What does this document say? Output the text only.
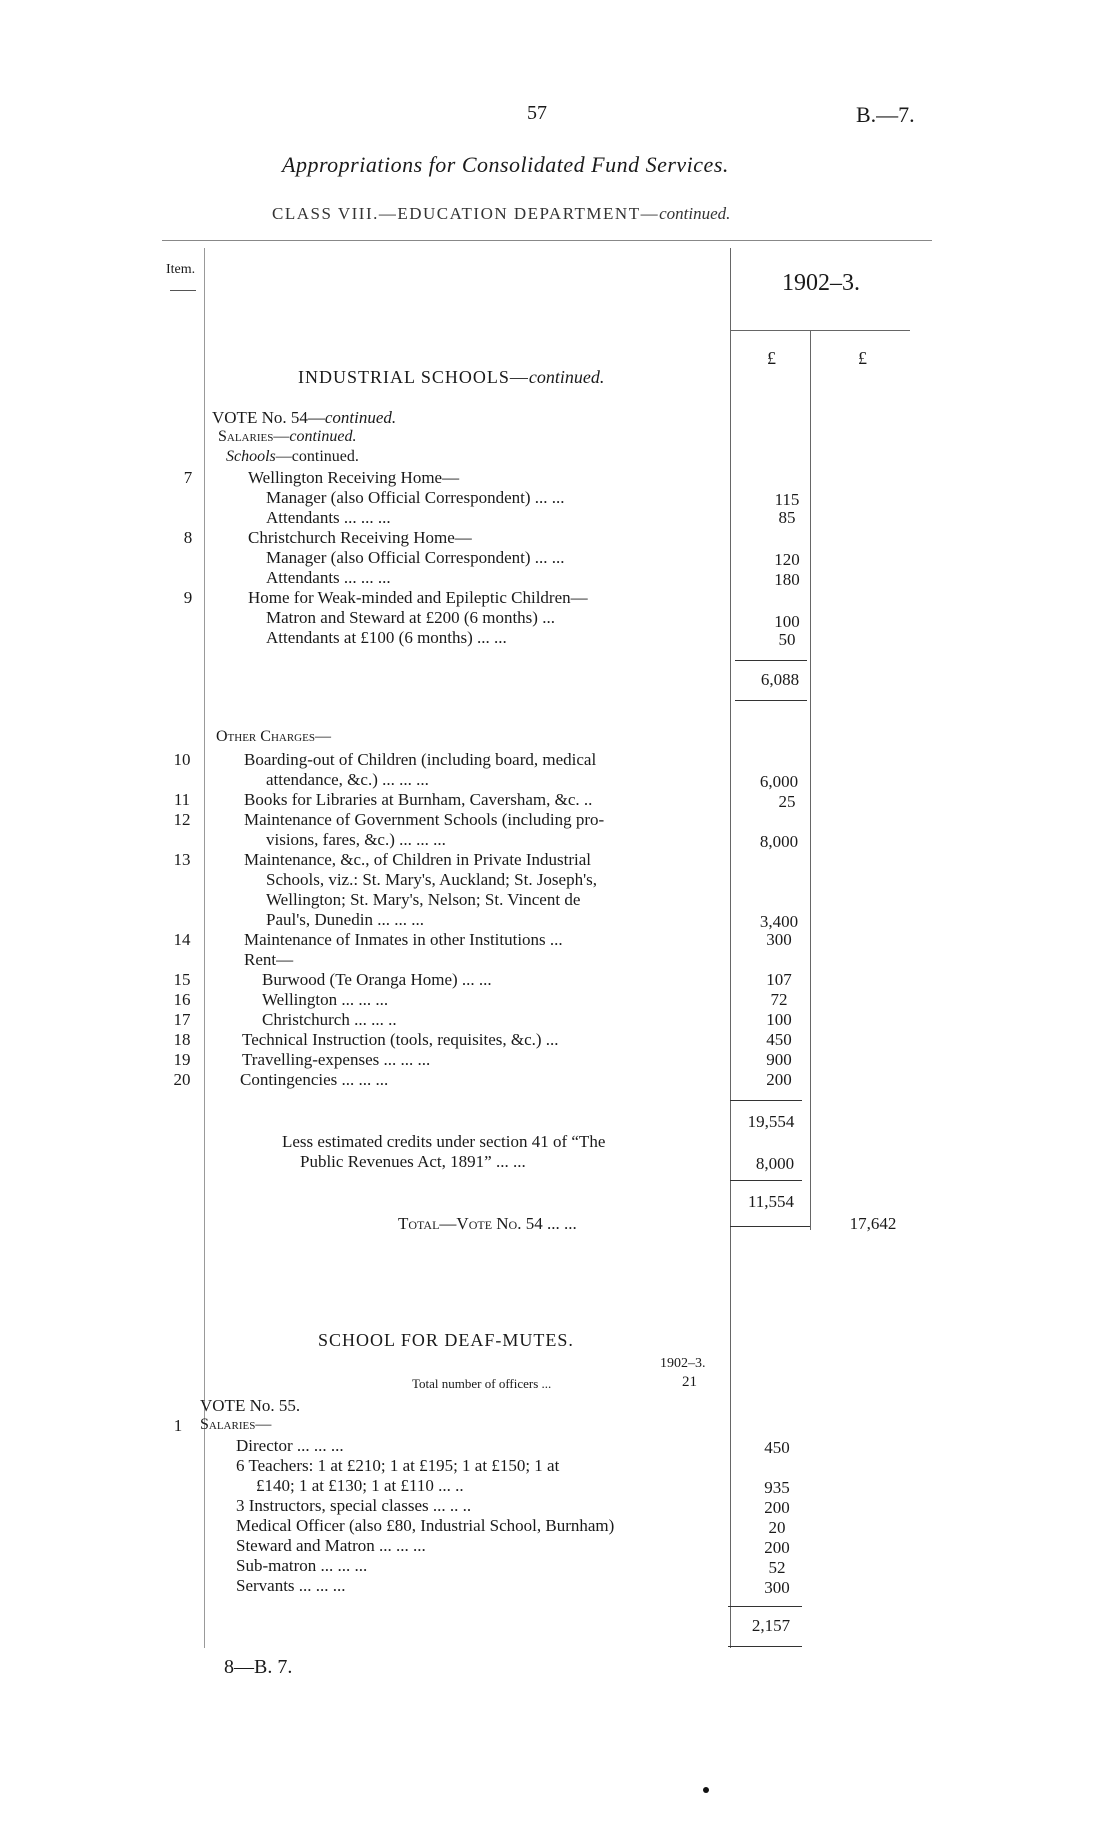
57	B.—7.
Appropriations for Consolidated Fund Services.
CLASS VIII.—EDUCATION DEPARTMENT—continued.
Item.
1902–3.
£	£
INDUSTRIAL SCHOOLS—continued.
VOTE No. 54—continued.
Salaries—continued.
Schools—continued.
7	Wellington Receiving Home—
Manager (also Official Correspondent) ... ...	115
Attendants ... ... ...	85
8	Christchurch Receiving Home—
Manager (also Official Correspondent) ... ...	120
Attendants ... ... ...	180
9	Home for Weak-minded and Epileptic Children—
Matron and Steward at £200 (6 months) ...	100
Attendants at £100 (6 months) ... ...	50
6,088
Other Charges—
10	Boarding-out of Children (including board, medical
attendance, &c.) ... ... ...	6,000
11	Books for Libraries at Burnham, Caversham, &c. ..	25
12	Maintenance of Government Schools (including pro-
visions, fares, &c.) ... ... ...	8,000
13	Maintenance, &c., of Children in Private Industrial
Schools, viz.: St. Mary's, Auckland; St. Joseph's,
Wellington; St. Mary's, Nelson; St. Vincent de
Paul's, Dunedin ... ... ...	3,400
14	Maintenance of Inmates in other Institutions ...	300
Rent—
15	Burwood (Te Oranga Home) ... ...	107
16	Wellington ... ... ...	72
17	Christchurch ... ... ..	100
18	Technical Instruction (tools, requisites, &c.) ...	450
19	Travelling-expenses ... ... ...	900
20	Contingencies ... ... ...	200
19,554
Less estimated credits under section 41 of “The
Public Revenues Act, 1891” ... ...	8,000
11,554
Total—Vote No. 54 ... ...	17,642
SCHOOL FOR DEAF-MUTES.
1902–3.
Total number of officers ...	21
VOTE No. 55.
1	Salaries—
Director ... ... ...	450
6 Teachers: 1 at £210; 1 at £195; 1 at £150; 1 at
£140; 1 at £130; 1 at £110 ... ..	935
3 Instructors, special classes ... .. ..	200
Medical Officer (also £80, Industrial School, Burnham)	20
Steward and Matron ... ... ...	200
Sub-matron ... ... ...	52
Servants ... ... ...	300
2,157
8—B. 7.
